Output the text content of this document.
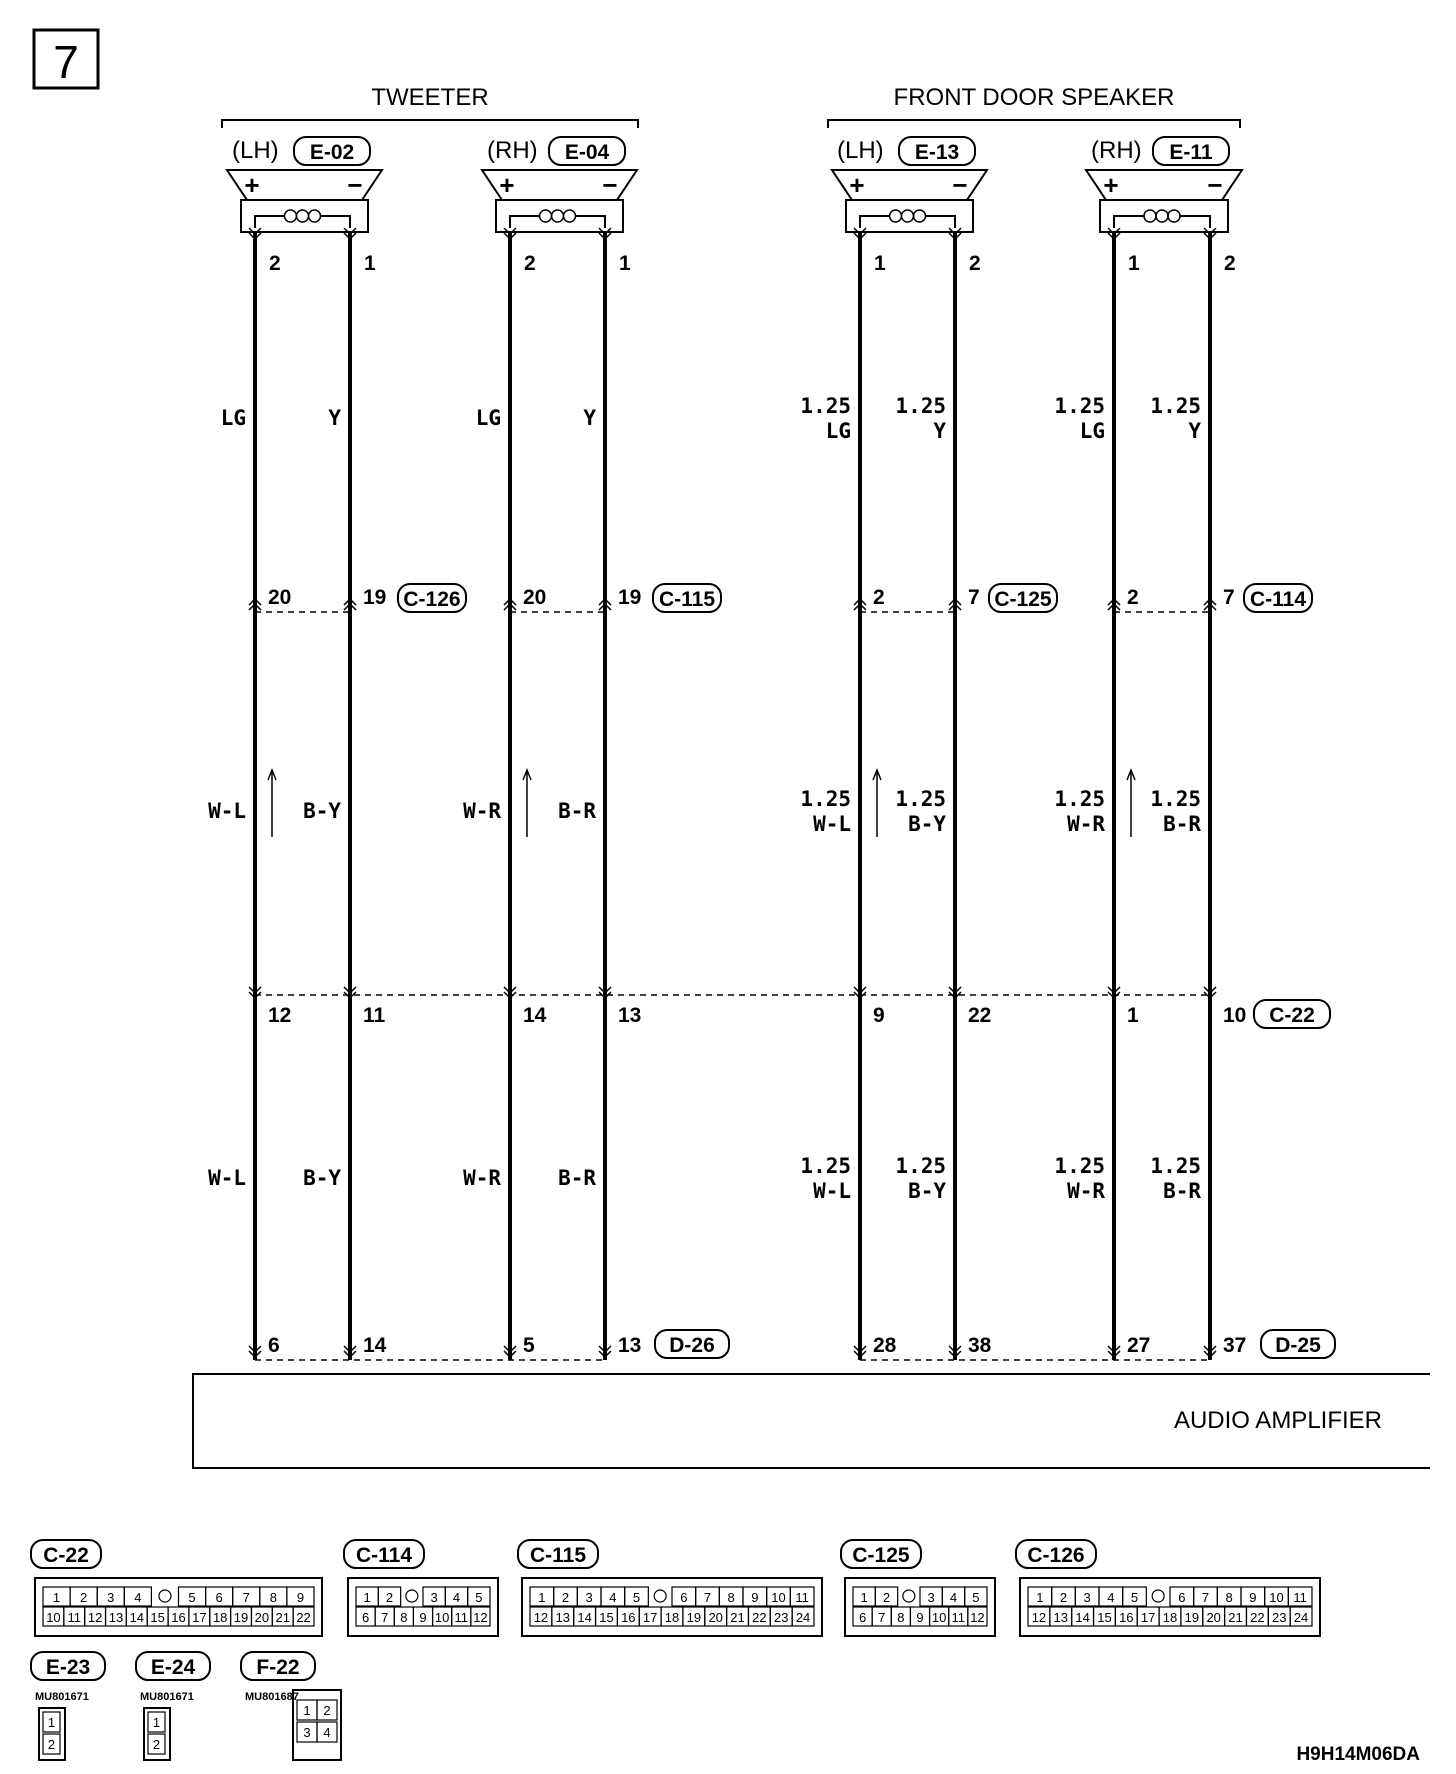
7
TWEETER	FRONT DOOR SPEAKER
(LH) E-02
+	−
2	1
(RH) E-04
+	−
2	1
(LH) E-13
+	−
1	2
(RH) E-11
+	−
1	2
20	19 C-126	20	19 C-115	2	7 C-125	2	7 C-114
12	11	14	13	9	22	1	10 C-22
6	14	5	13	28	38	27	37
D-26	D-25
LG	Y	LG	Y	1.25 LG
1.25 Y
1.25 LG
1.25 Y
W-L	B-Y	W-R	B-R	1.25 W-L
1.25 B-Y
1.25 W-R
1.25 B-R
W-L	B-Y	W-R	B-R	1.25 W-L
1.25 B-Y
1.25 W-R
1.25 B-R
AUDIO AMPLIFIER
C-22
1 2 3 4	5 6 7 8 9
10 11 12 13 14 15 16 17 18 19 20 21 22
C-114
1 2	3 4 5
6 7 8 9 10 11 12
C-115
1 2 3 4 5	6 7 8 9 10 11
12 13 14 15 16 17 18 19 20 21 22 23 24
C-125
1 2	3 4 5
6 7 8 9 10 11 12
C-126
1 2 3 4 5	6 7 8 9 10 11
12 13 14 15 16 17 18 19 20 21 22 23 24
E-23
MU801671
1
2
E-24
MU801671
1
2
F-22
MU801687
1 2
3 4
H9H14M06DA
